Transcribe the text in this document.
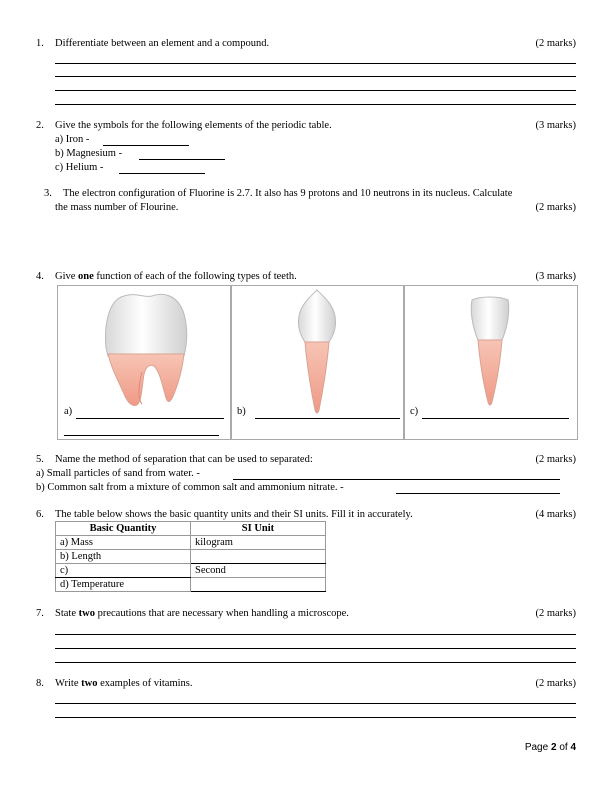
1. Differentiate between an element and a compound.	(2 marks)
2. Give the symbols for the following elements of the periodic table.	(3 marks)
a) Iron -
b) Magnesium -
c) Helium -
3. The electron configuration of Fluorine is 2.7. It also has 9 protons and 10 neutrons in its nucleus. Calculate
the mass number of Flourine.	(2 marks)
4. Give one function of each of the following types of teeth.	(3 marks)
a)	b)	c)
5. Name the method of separation that can be used to separated:	(2 marks)
a) Small particles of sand from water. -
b) Common salt from a mixture of common salt and ammonium nitrate. -
6. The table below shows the basic quantity units and their SI units. Fill it in accurately.	(4 marks)
Basic Quantity	SI Unit
a) Mass	kilogram
b) Length	
c)	Second
d) Temperature	
7. State two precautions that are necessary when handling a microscope.	(2 marks)
8. Write two examples of vitamins.	(2 marks)
Page 2 of 4
